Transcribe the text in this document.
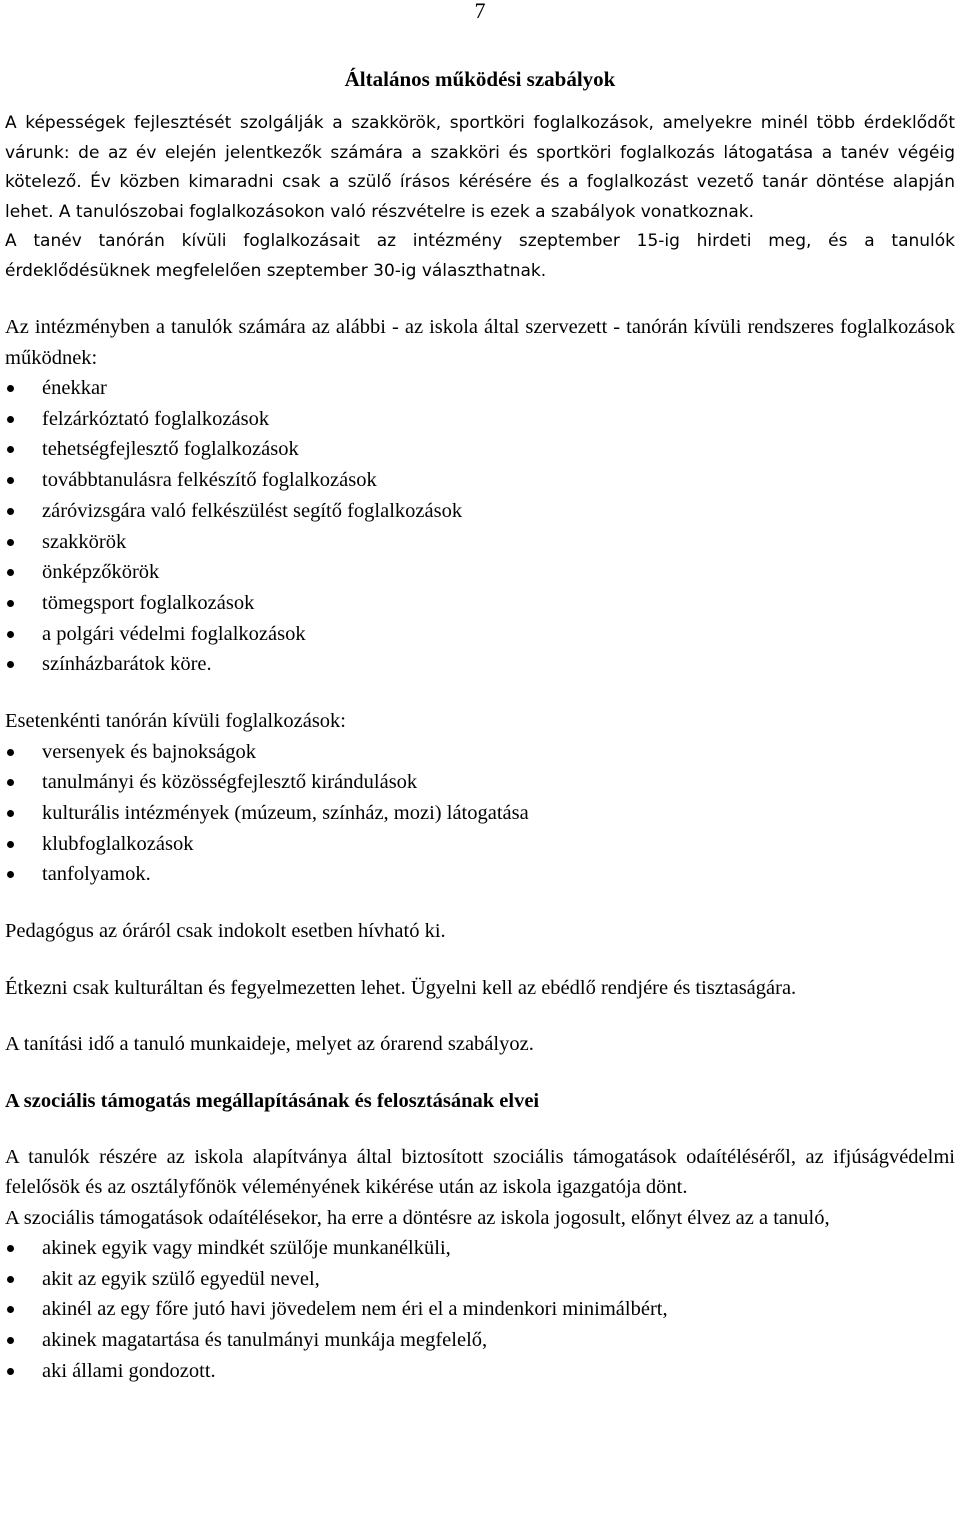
7
Általános működési szabályok

A képességek fejlesztését szolgálják a szakkörök, sportköri foglalkozások, amelyekre minél több érdeklődőt várunk: de az év elején jelentkezők számára a szakköri és sportköri foglalkozás látogatása a tanév végéig kötelező. Év közben kimaradni csak a szülő írásos kérésére és a foglalkozást vezető tanár döntése alapján lehet. A tanulószobai foglalkozásokon való részvételre is ezek a szabályok vonatkoznak.

A tanév tanórán kívüli foglalkozásait az intézmény szeptember 15-ig hirdeti meg, és a tanulók érdeklődésüknek megfelelően szeptember 30-ig választhatnak.

Az intézményben a tanulók számára az alábbi - az iskola által szervezett - tanórán kívüli rendszeres foglalkozások működnek:

énekkar
felzárkóztató foglalkozások
tehetségfejlesztő foglalkozások
továbbtanulásra felkészítő foglalkozások
záróvizsgára való felkészülést segítő foglalkozások
szakkörök
önképzőkörök
tömegsport foglalkozások
a polgári védelmi foglalkozások
színházbarátok köre.

Esetenkénti tanórán kívüli foglalkozások:

versenyek és bajnokságok
tanulmányi és közösségfejlesztő kirándulások
kulturális intézmények (múzeum, színház, mozi) látogatása
klubfoglalkozások
tanfolyamok.

Pedagógus az óráról csak indokolt esetben hívható ki.

Étkezni csak kulturáltan és fegyelmezetten lehet. Ügyelni kell az ebédlő rendjére és tisztaságára.

A tanítási idő a tanuló munkaideje, melyet az órarend szabályoz.

A szociális támogatás megállapításának és felosztásának elvei

A tanulók részére az iskola alapítványa által biztosított szociális támogatások odaítéléséről, az ifjúságvédelmi felelősök és az osztályfőnök véleményének kikérése után az iskola igazgatója dönt.

A szociális támogatások odaítélésekor, ha erre a döntésre az iskola jogosult, előnyt élvez az a tanuló,

akinek egyik vagy mindkét szülője munkanélküli,
akit az egyik szülő egyedül nevel,
akinél az egy főre jutó havi jövedelem nem éri el a mindenkori minimálbért,
akinek magatartása és tanulmányi munkája megfelelő,
aki állami gondozott.
